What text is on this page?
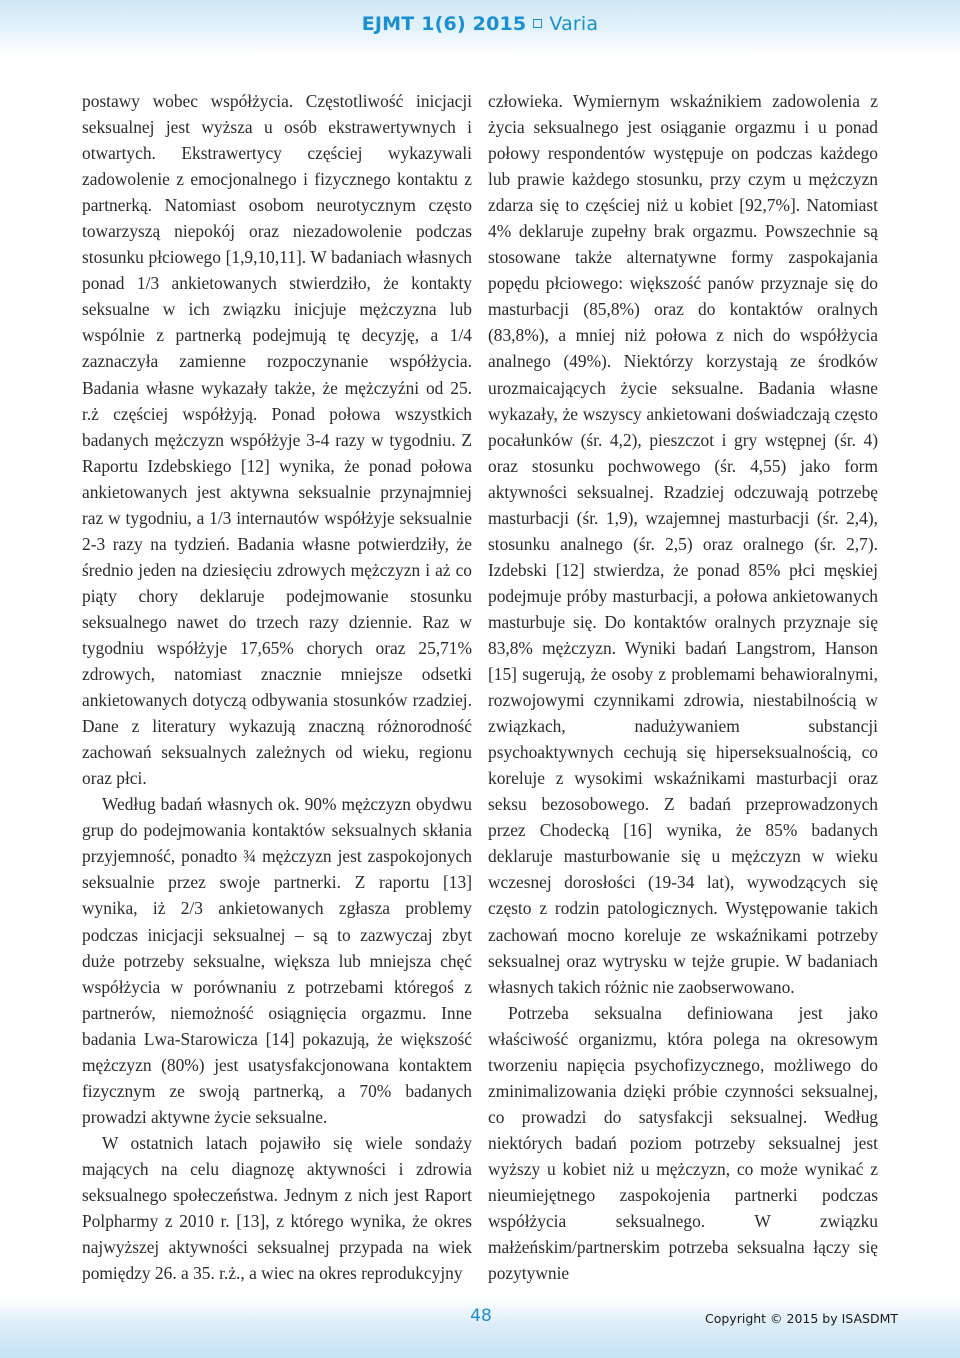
EJMT 1(6) 2015 Varia

postawy wobec współżycia. Częstotliwość inicjacji seksualnej jest wyższa u osób ekstrawertywnych i otwartych. Ekstrawertycy częściej wykazywali zadowolenie z emocjonalnego i fizycznego kontaktu z partnerką. Natomiast osobom neurotycznym często towarzyszą niepokój oraz niezadowolenie podczas stosunku płciowego [1,9,10,11]. W badaniach własnych ponad 1/3 ankietowanych stwierdziło, że kontakty seksualne w ich związku inicjuje mężczyzna lub wspólnie z partnerką podejmują tę decyzję, a 1/4 zaznaczyła zamienne rozpoczynanie współżycia. Badania własne wykazały także, że mężczyźni od 25. r.ż częściej współżyją. Ponad połowa wszystkich badanych mężczyzn współżyje 3-4 razy w tygodniu. Z Raportu Izdebskiego [12] wynika, że ponad połowa ankietowanych jest aktywna seksualnie przynajmniej raz w tygodniu, a 1/3 internautów współżyje seksualnie 2-3 razy na tydzień. Badania własne potwierdziły, że średnio jeden na dziesięciu zdrowych mężczyzn i aż co piąty chory deklaruje podejmowanie stosunku seksualnego nawet do trzech razy dziennie. Raz w tygodniu współżyje 17,65% chorych oraz 25,71% zdrowych, natomiast znacznie mniejsze odsetki ankietowanych dotyczą odbywania stosunków rzadziej. Dane z literatury wykazują znaczną różnorodność zachowań seksualnych zależnych od wieku, regionu oraz płci.

Według badań własnych ok. 90% mężczyzn obydwu grup do podejmowania kontaktów seksualnych skłania przyjemność, ponadto ¾ mężczyzn jest zaspokojonych seksualnie przez swoje partnerki. Z raportu [13] wynika, iż 2/3 ankietowanych zgłasza problemy podczas inicjacji seksualnej – są to zazwyczaj zbyt duże potrzeby seksualne, większa lub mniejsza chęć współżycia w porównaniu z potrzebami któregoś z partnerów, niemożność osiągnięcia orgazmu. Inne badania Lwa-Starowicza [14] pokazują, że większość mężczyzn (80%) jest usatysfakcjonowana kontaktem fizycznym ze swoją partnerką, a 70% badanych prowadzi aktywne życie seksualne.

W ostatnich latach pojawiło się wiele sondaży mających na celu diagnozę aktywności i zdrowia seksualnego społeczeństwa. Jednym z nich jest Raport Polpharmy z 2010 r. [13], z którego wynika, że okres najwyższej aktywności seksualnej przypada na wiek pomiędzy 26. a 35. r.ż., a wiec na okres reprodukcyjny

człowieka. Wymiernym wskaźnikiem zadowolenia z życia seksualnego jest osiąganie orgazmu i u ponad połowy respondentów występuje on podczas każdego lub prawie każdego stosunku, przy czym u mężczyzn zdarza się to częściej niż u kobiet [92,7%]. Natomiast 4% deklaruje zupełny brak orgazmu. Powszechnie są stosowane także alternatywne formy zaspokajania popędu płciowego: większość panów przyznaje się do masturbacji (85,8%) oraz do kontaktów oralnych (83,8%), a mniej niż połowa z nich do współżycia analnego (49%). Niektórzy korzystają ze środków urozmaicających życie seksualne. Badania własne wykazały, że wszyscy ankietowani doświadczają często pocałunków (śr. 4,2), pieszczot i gry wstępnej (śr. 4) oraz stosunku pochwowego (śr. 4,55) jako form aktywności seksualnej. Rzadziej odczuwają potrzebę masturbacji (śr. 1,9), wzajemnej masturbacji (śr. 2,4), stosunku analnego (śr. 2,5) oraz oralnego (śr. 2,7). Izdebski [12] stwierdza, że ponad 85% płci męskiej podejmuje próby masturbacji, a połowa ankietowanych masturbuje się. Do kontaktów oralnych przyznaje się 83,8% mężczyzn. Wyniki badań Langstrom, Hanson [15] sugerują, że osoby z problemami behawioralnymi, rozwojowymi czynnikami zdrowia, niestabilnością w związkach, nadużywaniem substancji psychoaktywnych cechują się hiperseksualnością, co koreluje z wysokimi wskaźnikami masturbacji oraz seksu bezosobowego. Z badań przeprowadzonych przez Chodecką [16] wynika, że 85% badanych deklaruje masturbowanie się u mężczyzn w wieku wczesnej dorosłości (19-34 lat), wywodzących się często z rodzin patologicznych. Występowanie takich zachowań mocno koreluje ze wskaźnikami potrzeby seksualnej oraz wytrysku w tejże grupie. W badaniach własnych takich różnic nie zaobserwowano.

Potrzeba seksualna definiowana jest jako właściwość organizmu, która polega na okresowym tworzeniu napięcia psychofizycznego, możliwego do zminimalizowania dzięki próbie czynności seksualnej, co prowadzi do satysfakcji seksualnej. Według niektórych badań poziom potrzeby seksualnej jest wyższy u kobiet niż u mężczyzn, co może wynikać z nieumiejętnego zaspokojenia partnerki podczas współżycia seksualnego. W związku małżeńskim/partnerskim potrzeba seksualna łączy się pozytywnie

48	Copyright © 2015 by ISASDMT
